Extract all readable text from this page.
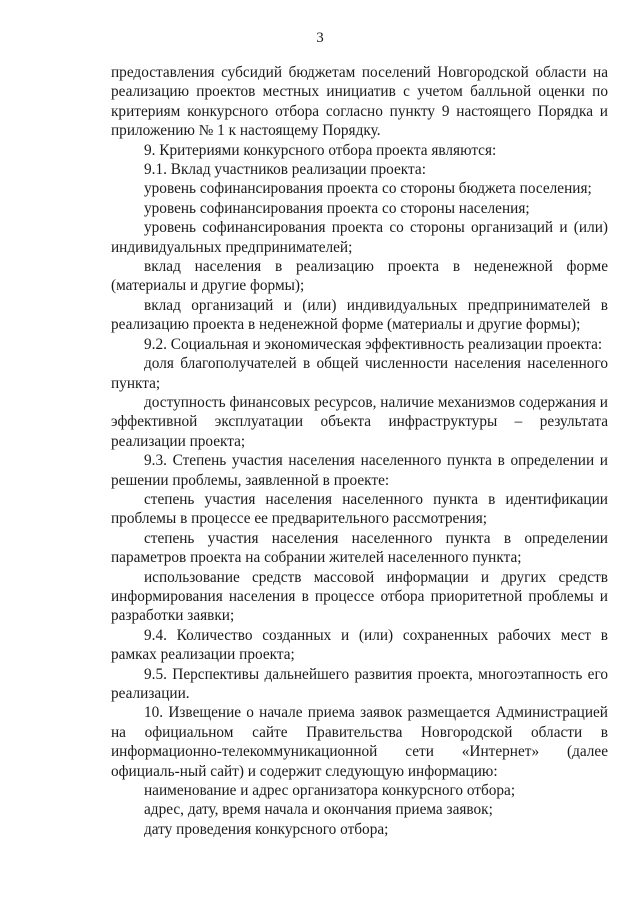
3

предоставления субсидий бюджетам поселений Новгородской области на реализацию проектов местных инициатив с учетом балльной оценки по критериям конкурсного отбора согласно пункту 9 настоящего Порядка и приложению № 1 к настоящему Порядку.

9. Критериями конкурсного отбора проекта являются:

9.1. Вклад участников реализации проекта:

уровень софинансирования проекта со стороны бюджета поселения;

уровень софинансирования проекта со стороны населения;

уровень софинансирования проекта со стороны организаций и (или) индивидуальных предпринимателей;

вклад населения в реализацию проекта в неденежной форме (материалы и другие формы);

вклад организаций и (или) индивидуальных предпринимателей в реализацию проекта в неденежной форме (материалы и другие формы);

9.2. Социальная и экономическая эффективность реализации проекта:

доля благополучателей в общей численности населения населенного пункта;

доступность финансовых ресурсов, наличие механизмов содержания и эффективной эксплуатации объекта инфраструктуры – результата реализации проекта;

9.3. Степень участия населения населенного пункта в определении и решении проблемы, заявленной в проекте:

степень участия населения населенного пункта в идентификации проблемы в процессе ее предварительного рассмотрения;

степень участия населения населенного пункта в определении параметров проекта на собрании жителей населенного пункта;

использование средств массовой информации и других средств информирования населения в процессе отбора приоритетной проблемы и разработки заявки;

9.4. Количество созданных и (или) сохраненных рабочих мест в рамках реализации проекта;

9.5. Перспективы дальнейшего развития проекта, многоэтапность его реализации.

10. Извещение о начале приема заявок размещается Администрацией на официальном сайте Правительства Новгородской области в информационно-телекоммуникационной сети «Интернет» (далее официаль-ный сайт) и содержит следующую информацию:

наименование и адрес организатора конкурсного отбора;

адрес, дату, время начала и окончания приема заявок;

дату проведения конкурсного отбора;
